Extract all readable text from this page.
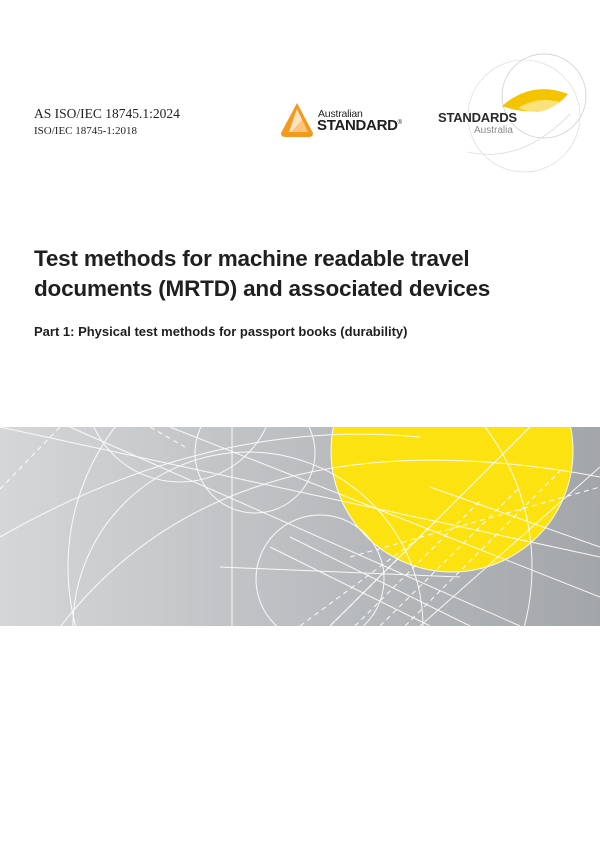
AS ISO/IEC 18745.1:2024
ISO/IEC 18745-1:2018
Australian
STANDARD®	STANDARDS
Australia
Test methods for machine readable travel documents (MRTD) and associated devices
Part 1: Physical test methods for passport books (durability)
